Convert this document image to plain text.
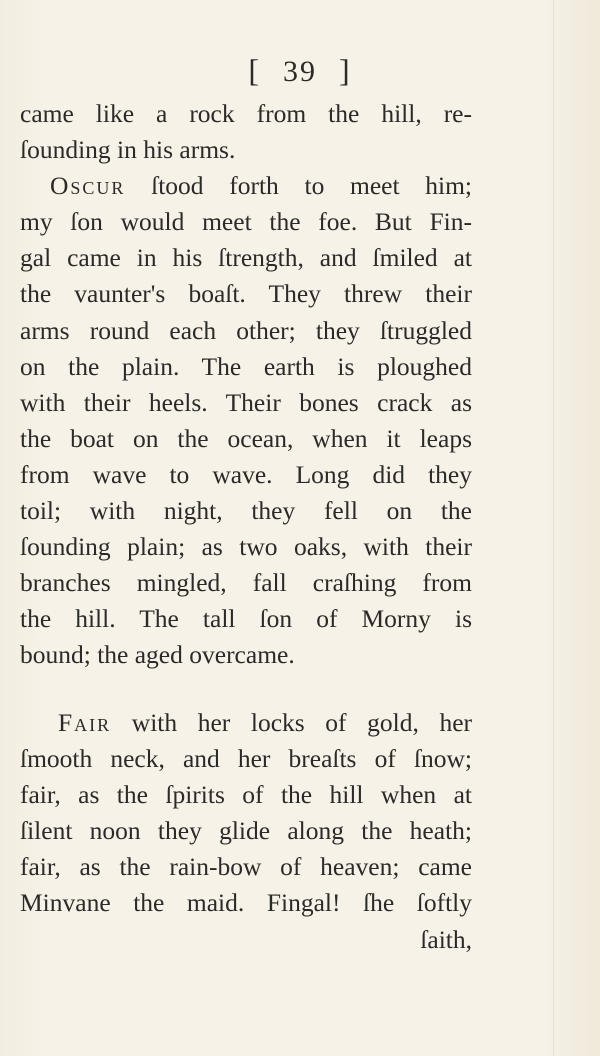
[ 39 ]
came like a rock from the hill, re-
ſounding in his arms.
Oscur ſtood forth to meet him;
my ſon would meet the foe. But Fin-
gal came in his ſtrength, and ſmiled at
the vaunter's boaſt. They threw their
arms round each other; they ſtruggled
on the plain. The earth is ploughed
with their heels. Their bones crack as
the boat on the ocean, when it leaps
from wave to wave. Long did they
toil; with night, they fell on the
ſounding plain; as two oaks, with their
branches mingled, fall craſhing from
the hill. The tall ſon of Morny is
bound; the aged overcame.
Fair with her locks of gold, her
ſmooth neck, and her breaſts of ſnow;
fair, as the ſpirits of the hill when at
ſilent noon they glide along the heath;
fair, as the rain-bow of heaven; came
Minvane the maid. Fingal! ſhe ſoftly
ſaith,
